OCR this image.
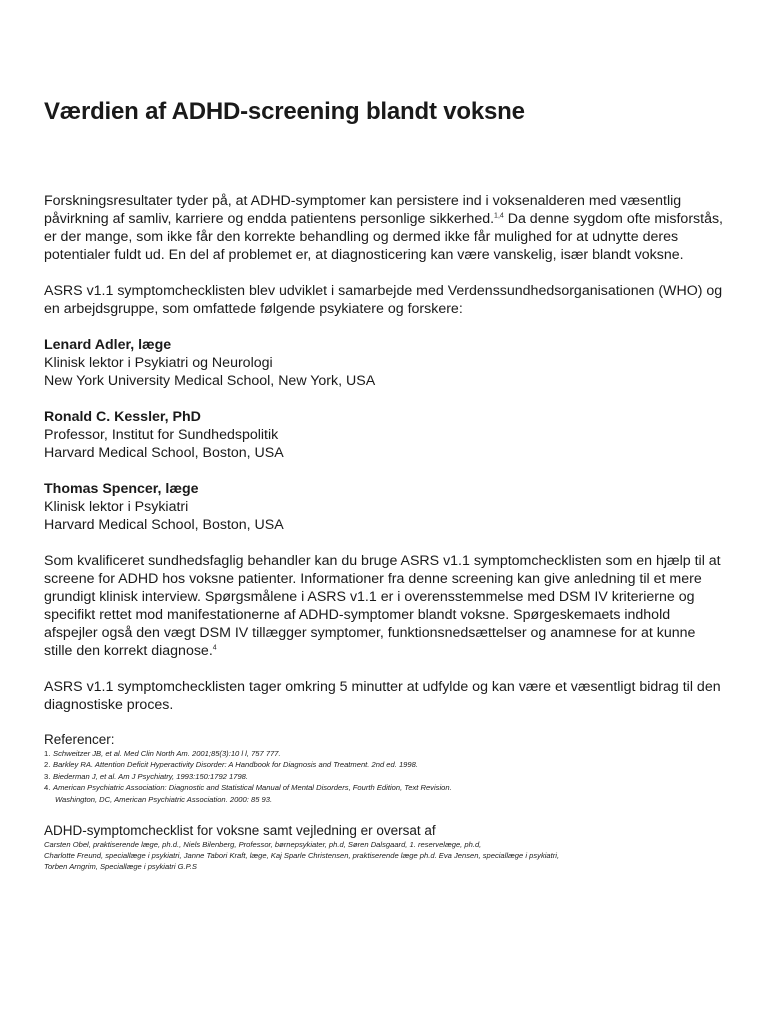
Værdien af ADHD-screening blandt voksne

Forskningsresultater tyder på, at ADHD-symptomer kan persistere ind i voksenalderen med væsentlig påvirkning af samliv, karriere og endda patientens personlige sikkerhed.$^{1,4}$ Da denne sygdom ofte misforstås, er der mange, som ikke får den korrekte behandling og dermed ikke får mulighed for at udnytte deres potentialer fuldt ud. En del af problemet er, at diagnosticering kan være vanskelig, især blandt voksne.

ASRS v1.1 symptomchecklisten blev udviklet i samarbejde med Verdenssundhedsorganisationen (WHO) og en arbejdsgruppe, som omfattede følgende psykiatere og forskere:

Lenard Adler, læge
Klinisk lektor i Psykiatri og Neurologi
New York University Medical School, New York, USA
Ronald C. Kessler, PhD
Professor, Institut for Sundhedspolitik
Harvard Medical School, Boston, USA
Thomas Spencer, læge
Klinisk lektor i Psykiatri
Harvard Medical School, Boston, USA

Som kvalificeret sundhedsfaglig behandler kan du bruge ASRS v1.1 symptomchecklisten som en hjælp til at screene for ADHD hos voksne patienter. Informationer fra denne screening kan give anledning til et mere grundigt klinisk interview. Spørgsmålene i ASRS v1.1 er i overensstemmelse med DSM IV kriterierne og specifikt rettet mod manifestationerne af ADHD-symptomer blandt voksne. Spørgeskemaets indhold afspejler også den vægt DSM IV tillægger symptomer, funktionsnedsættelser og anamnese for at kunne stille den korrekt diagnose.$^4$

ASRS v1.1 symptomchecklisten tager omkring 5 minutter at udfylde og kan være et væsentligt bidrag til den diagnostiske proces.

Referencer:
1. Schweitzer JB, et al. Med Clin North Am. 2001;85(3):10 l l, 757 777.
2. Barkley RA. Attention Deficit Hyperactivity Disorder: A Handbook for Diagnosis and Treatment. 2nd ed. 1998.
3. Biederman J, et al. Am J Psychiatry, 1993:150:1792 1798.
4. American Psychiatric Association: Diagnostic and Statistical Manual of Mental Disorders, Fourth Edition, Text Revision.
Washington, DC, American Psychiatric Association. 2000: 85 93.
ADHD-symptomchecklist for voksne samt vejledning er oversat af
Carsten Obel, praktiserende læge, ph.d., Niels Bilenberg, Professor, børnepsykiater, ph.d, Søren Dalsgaard, 1. reservelæge, ph.d,
Charlotte Freund, speciallæge i psykiatri, Janne Tabori Kraft, læge, Kaj Sparle Christensen, praktiserende læge ph.d. Eva Jensen, speciallæge i psykiatri,
Torben Arngrim, Speciallæge i psykiatri G.P.S
